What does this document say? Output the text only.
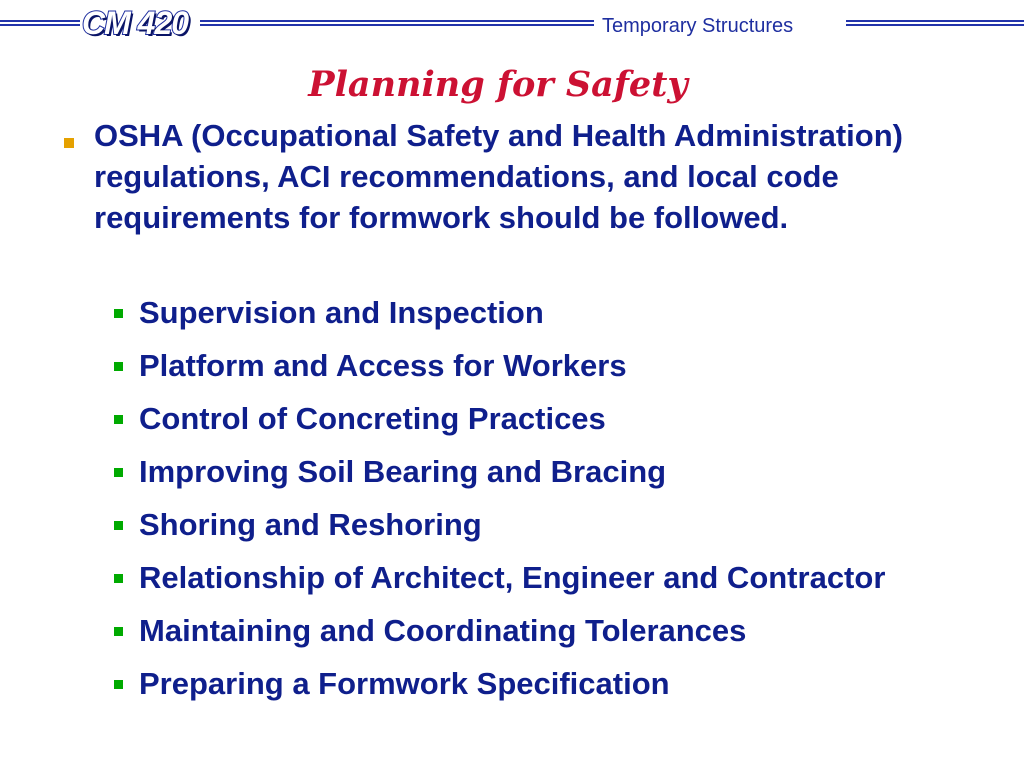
CM 420	Temporary Structures
Planning for Safety
OSHA (Occupational Safety and Health Administration) regulations, ACI recommendations, and local code requirements for formwork should be followed.
Supervision and Inspection
Platform and Access for Workers
Control of Concreting Practices
Improving Soil Bearing and Bracing
Shoring and Reshoring
Relationship of Architect, Engineer and Contractor
Maintaining and Coordinating Tolerances
Preparing a Formwork Specification
